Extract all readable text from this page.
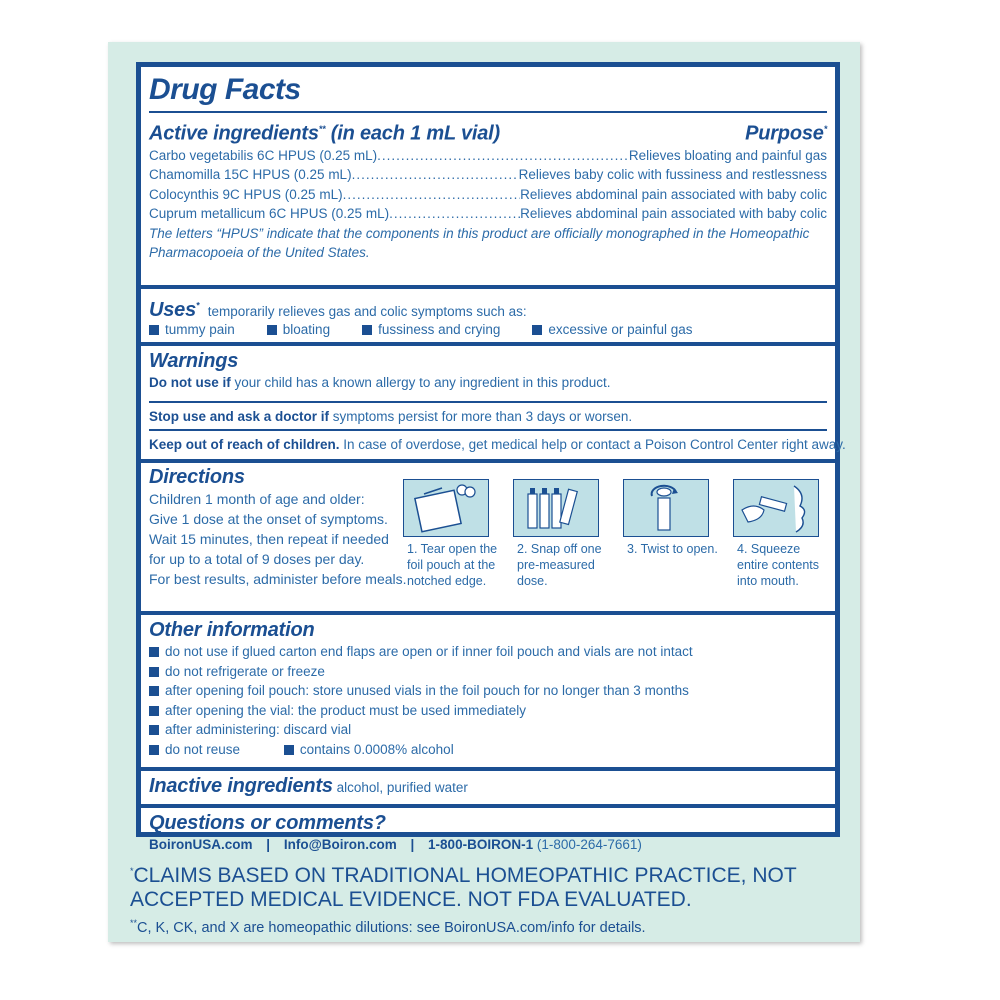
Drug Facts
Active ingredients** (in each 1 mL vial)	Purpose*
Carbo vegetabilis 6C HPUS (0.25 mL) .....	Relieves bloating and painful gas
Chamomilla 15C HPUS (0.25 mL) .....	Relieves baby colic with fussiness and restlessness
Colocynthis 9C HPUS (0.25 mL) .....	Relieves abdominal pain associated with baby colic
Cuprum metallicum 6C HPUS (0.25 mL) .....	Relieves abdominal pain associated with baby colic
The letters “HPUS” indicate that the components in this product are officially monographed in the Homeopathic
Pharmacopoeia of the United States.
Uses* temporarily relieves gas and colic symptoms such as:
tummy pain	bloating	fussiness and crying	excessive or painful gas
Warnings
Do not use if your child has a known allergy to any ingredient in this product.
Stop use and ask a doctor if symptoms persist for more than 3 days or worsen.
Keep out of reach of children. In case of overdose, get medical help or contact a Poison Control Center right away.
Directions
Children 1 month of age and older:
Give 1 dose at the onset of symptoms.
Wait 15 minutes, then repeat if needed
for up to a total of 9 doses per day.
For best results, administer before meals.
1. Tear open the foil pouch at the notched edge.
2. Snap off one pre-measured dose.
3. Twist to open.	4. Squeeze entire contents into mouth.
Other information
do not use if glued carton end flaps are open or if inner foil pouch and vials are not intact
do not refrigerate or freeze
after opening foil pouch: store unused vials in the foil pouch for no longer than 3 months
after opening the vial: the product must be used immediately
after administering: discard vial
do not reuse	contains 0.0008% alcohol
Inactive ingredients alcohol, purified water
Questions or comments?
BoironUSA.com | Info@Boiron.com | 1-800-BOIRON-1 (1-800-264-7661)
*CLAIMS BASED ON TRADITIONAL HOMEOPATHIC PRACTICE, NOT ACCEPTED MEDICAL EVIDENCE. NOT FDA EVALUATED.
**C, K, CK, and X are homeopathic dilutions: see BoironUSA.com/info for details.
